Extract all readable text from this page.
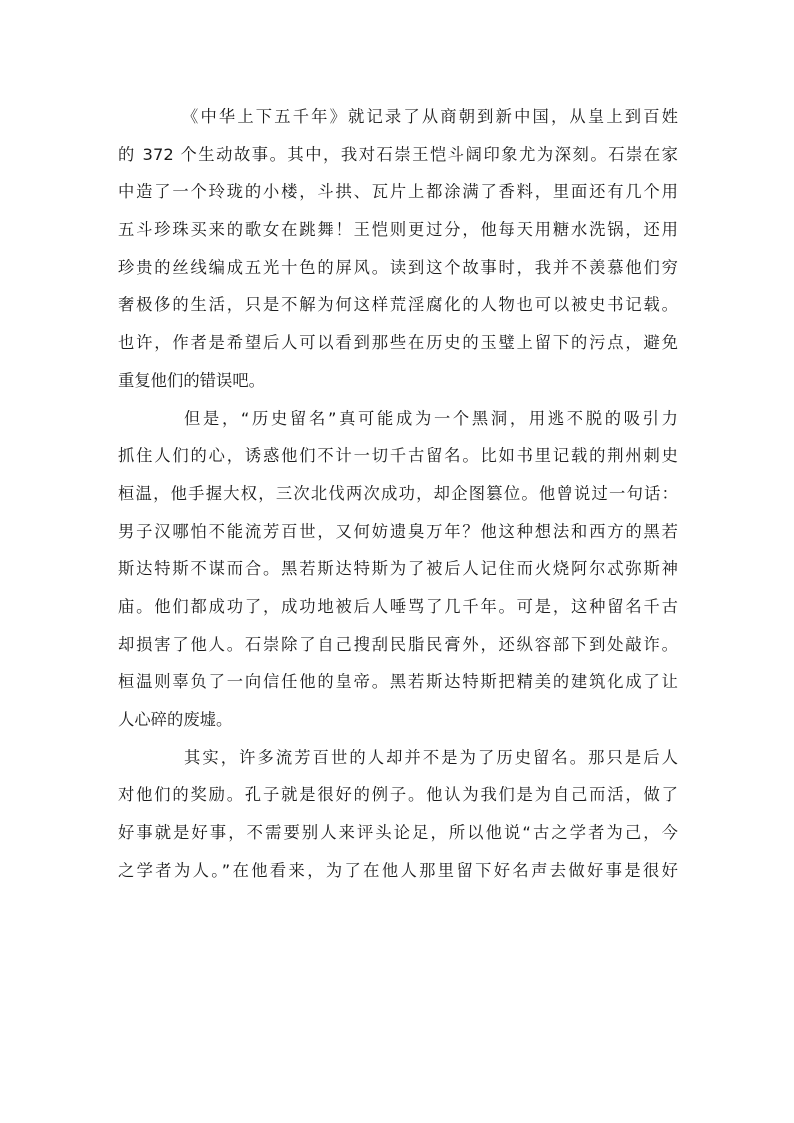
《中华上下五千年》就记录了从商朝到新中国，从皇上到百姓
的 372 个生动故事。其中，我对石崇王恺斗阔印象尤为深刻。石崇在家
中造了一个玲珑的小楼，斗拱、瓦片上都涂满了香料，里面还有几个用
五斗珍珠买来的歌女在跳舞！王恺则更过分，他每天用糖水洗锅，还用
珍贵的丝线编成五光十色的屏风。读到这个故事时，我并不羡慕他们穷
奢极侈的生活，只是不解为何这样荒淫腐化的人物也可以被史书记载。
也许，作者是希望后人可以看到那些在历史的玉璧上留下的污点，避免
重复他们的错误吧。
但是，“历史留名”真可能成为一个黑洞，用逃不脱的吸引力
抓住人们的心，诱惑他们不计一切千古留名。比如书里记载的荆州刺史
桓温，他手握大权，三次北伐两次成功，却企图篡位。他曾说过一句话：
男子汉哪怕不能流芳百世，又何妨遗臭万年？他这种想法和西方的黑若
斯达特斯不谋而合。黑若斯达特斯为了被后人记住而火烧阿尔忒弥斯神
庙。他们都成功了，成功地被后人唾骂了几千年。可是，这种留名千古
却损害了他人。石崇除了自己搜刮民脂民膏外，还纵容部下到处敲诈。
桓温则辜负了一向信任他的皇帝。黑若斯达特斯把精美的建筑化成了让
人心碎的废墟。
其实，许多流芳百世的人却并不是为了历史留名。那只是后人
对他们的奖励。孔子就是很好的例子。他认为我们是为自己而活，做了
好事就是好事，不需要别人来评头论足，所以他说“古之学者为己，今
之学者为人。”在他看来，为了在他人那里留下好名声去做好事是很好
